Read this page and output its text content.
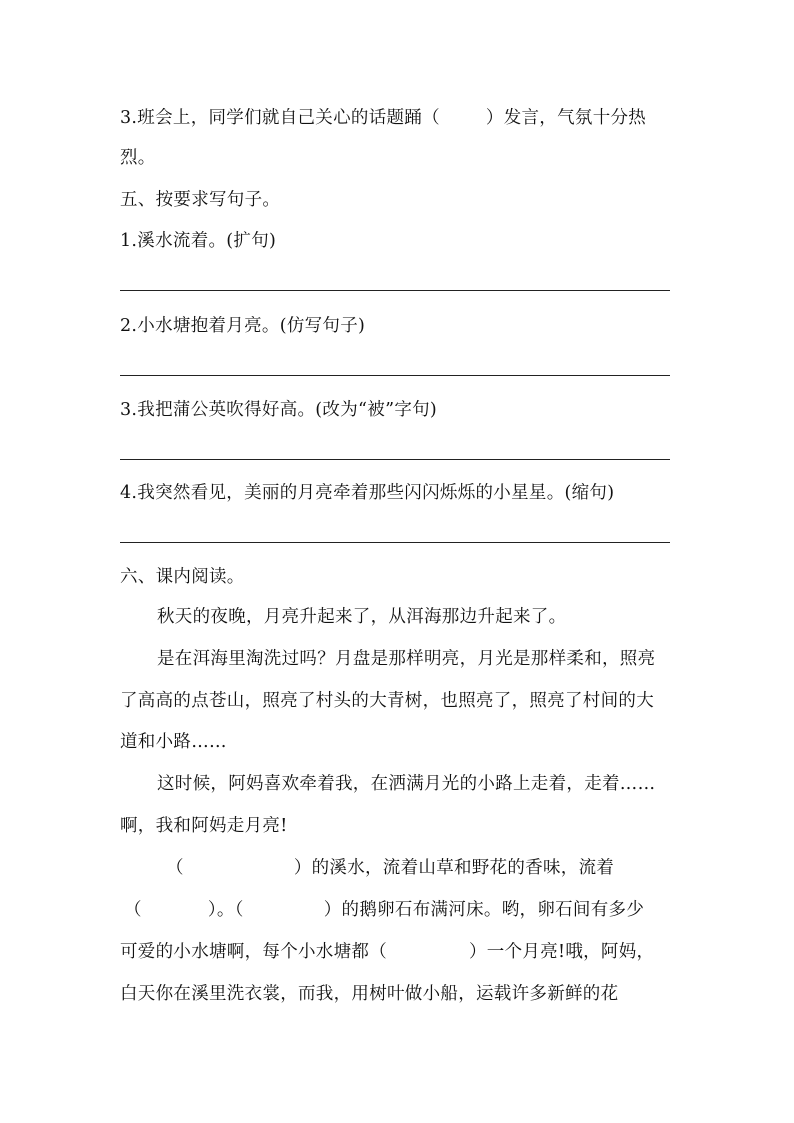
3.班会上，同学们就自己关心的话题踊（	）发言，气氛十分热
烈。
五、按要求写句子。
1.溪水流着。(扩句)
2.小水塘抱着月亮。(仿写句子)
3.我把蒲公英吹得好高。(改为“被”字句)
4.我突然看见，美丽的月亮牵着那些闪闪烁烁的小星星。(缩句)
六、课内阅读。
秋天的夜晚，月亮升起来了，从洱海那边升起来了。
是在洱海里淘洗过吗？月盘是那样明亮，月光是那样柔和，照亮
了高高的点苍山，照亮了村头的大青树，也照亮了，照亮了村间的大
道和小路……
这时候，阿妈喜欢牵着我，在洒满月光的小路上走着，走着……
啊，我和阿妈走月亮!
（	）的溪水，流着山草和野花的香味，流着
（	）。（	）的鹅卵石布满河床。哟，卵石间有多少
可爱的小水塘啊，每个小水塘都（	）一个月亮!哦，阿妈，
白天你在溪里洗衣裳，而我，用树叶做小船，运载许多新鲜的花
